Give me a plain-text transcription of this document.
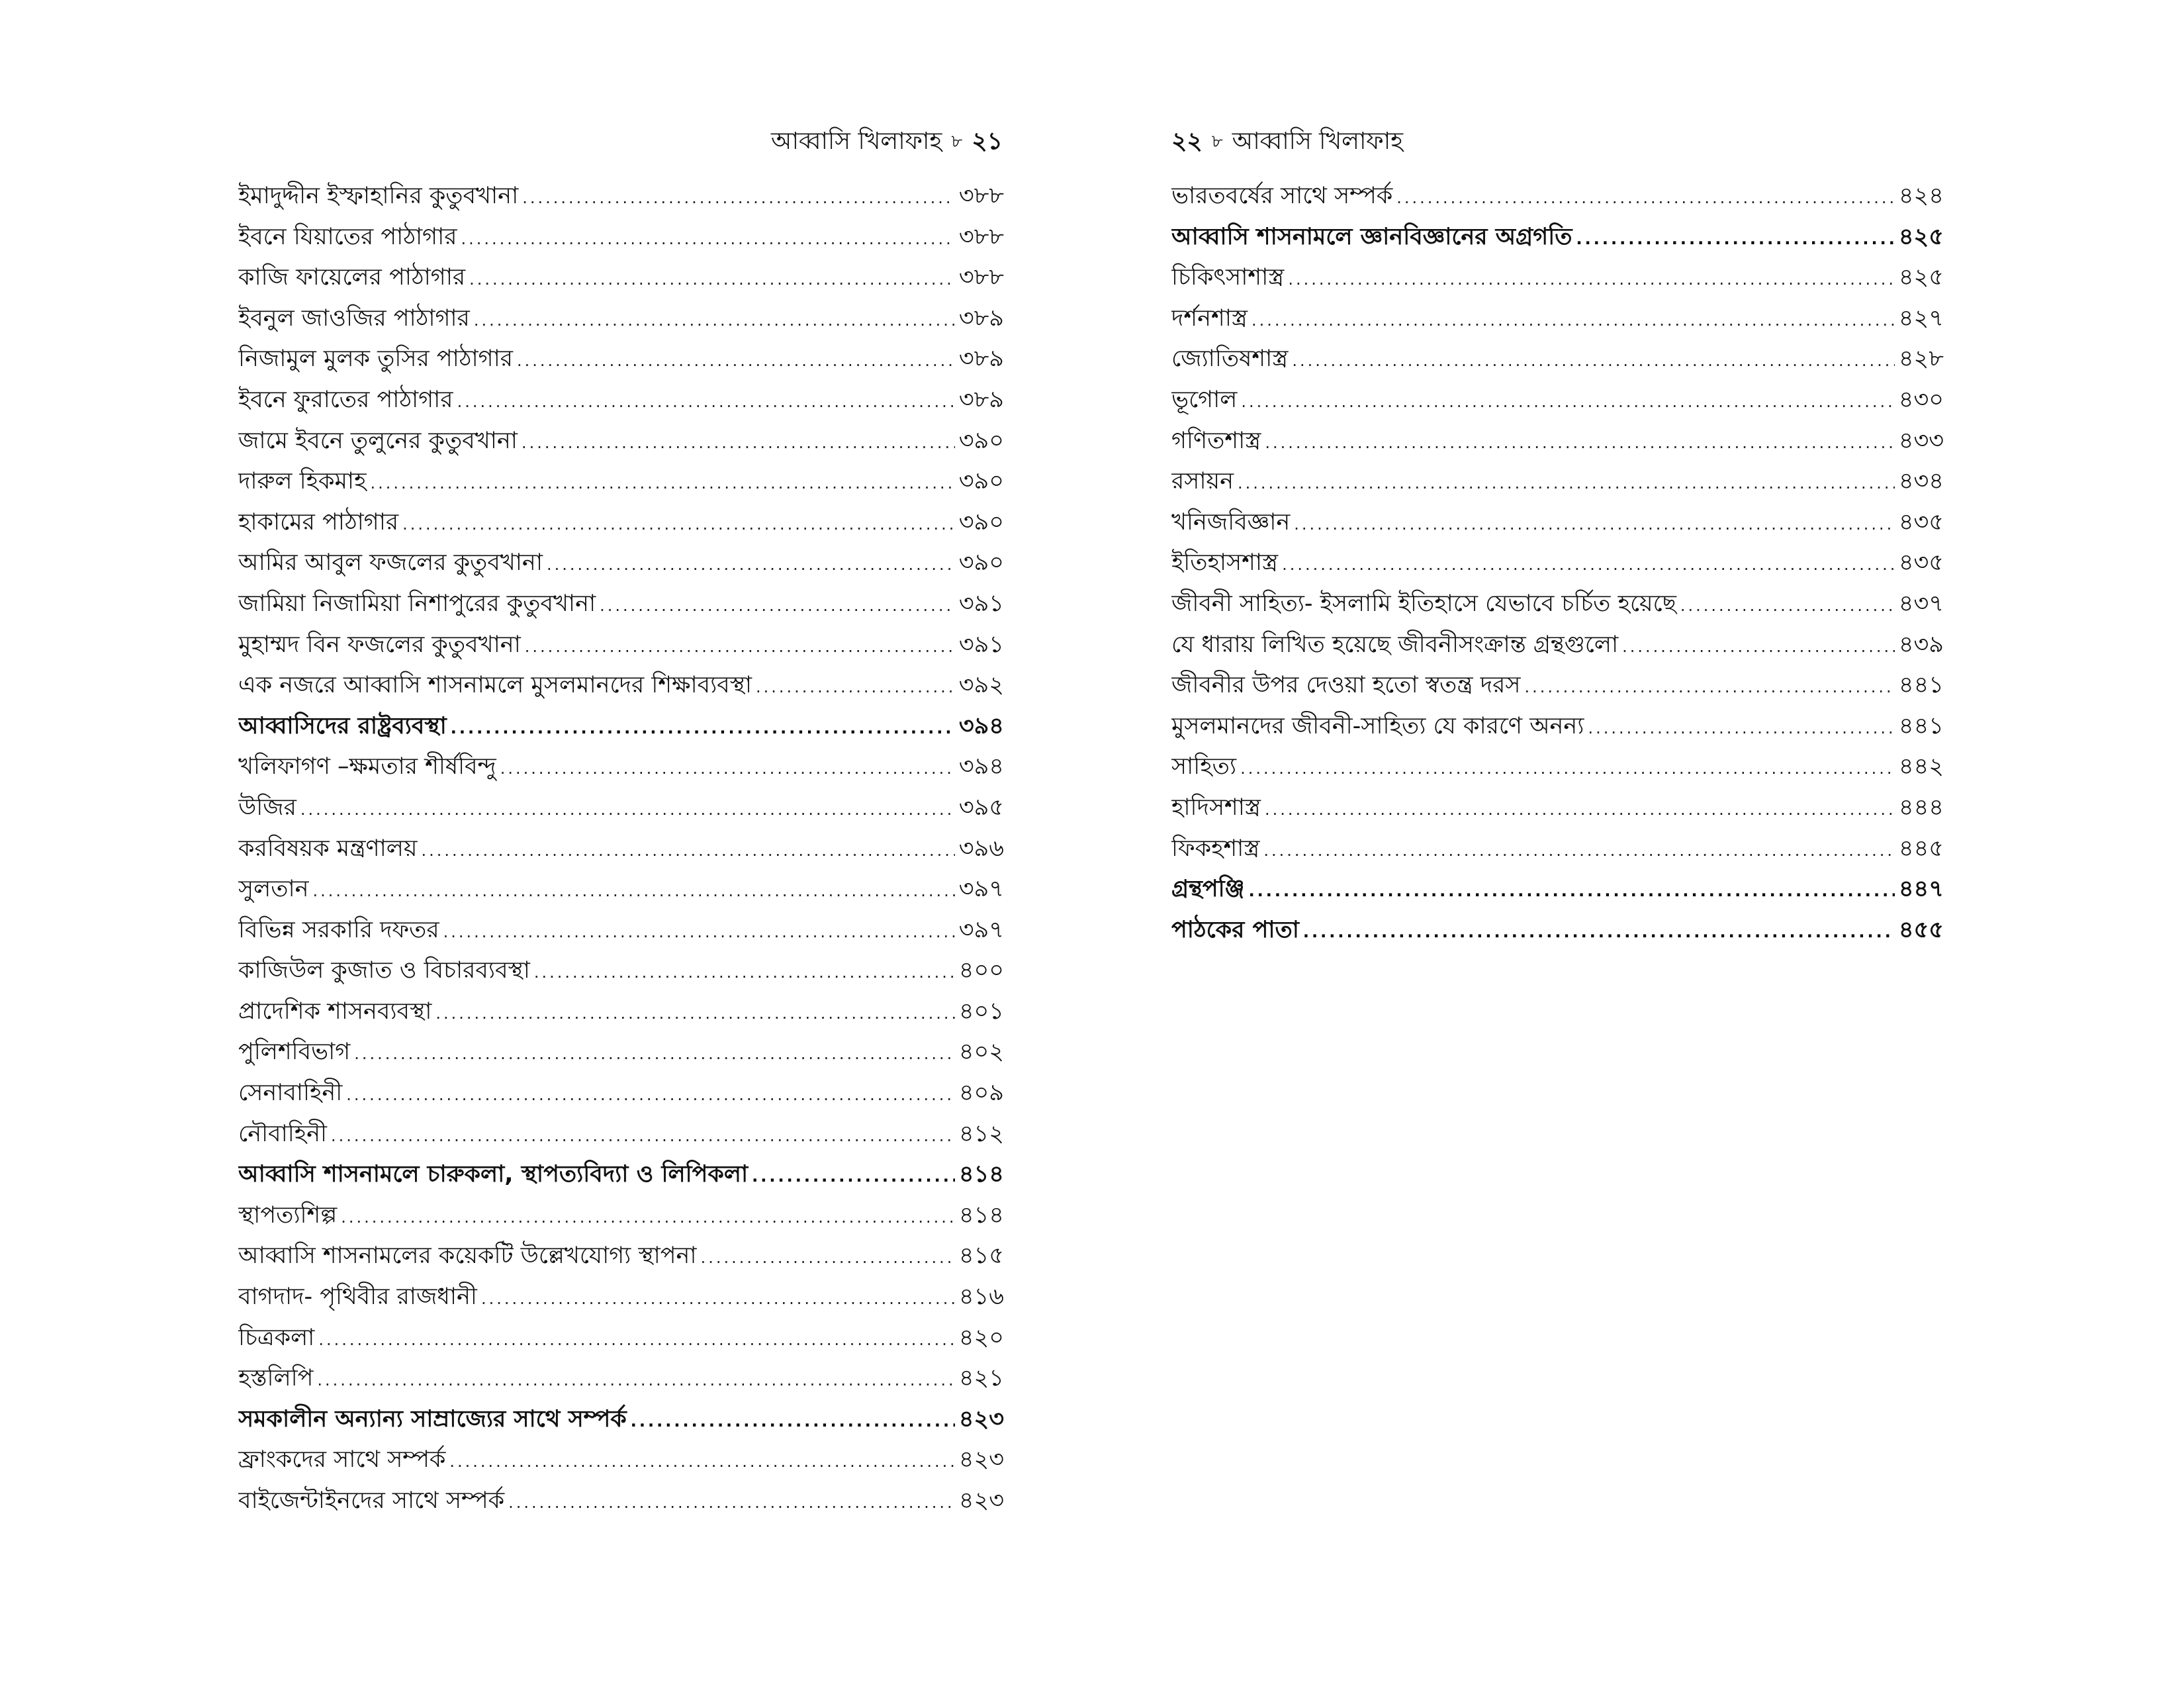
আব্বাসি খিলাফাহ ৮ ২১
ইমাদুদ্দীন ইস্ফাহানির কুতুবখানা .....	৩৮৮
ইবনে যিয়াতের পাঠাগার .....	৩৮৮
কাজি ফায়েলের পাঠাগার .....	৩৮৮
ইবনুল জাওজির পাঠাগার .....	৩৮৯
নিজামুল মুলক তুসির পাঠাগার .....	৩৮৯
ইবনে ফুরাতের পাঠাগার .....	৩৮৯
জামে ইবনে তুলুনের কুতুবখানা .....	৩৯০
দারুল হিকমাহ .....	৩৯০
হাকামের পাঠাগার .....	৩৯০
আমির আবুল ফজলের কুতুবখানা .....	৩৯০
জামিয়া নিজামিয়া নিশাপুরের কুতুবখানা .....	৩৯১
মুহাম্মদ বিন ফজলের কুতুবখানা .....	৩৯১
এক নজরে আব্বাসি শাসনামলে মুসলমানদের শিক্ষাব্যবস্থা .....	৩৯২
আব্বাসিদের রাষ্ট্রব্যবস্থা .....	৩৯৪
খলিফাগণ –ক্ষমতার শীর্ষবিন্দু .....	৩৯৪
উজির .....	৩৯৫
করবিষয়ক মন্ত্রণালয় .....	৩৯৬
সুলতান .....	৩৯৭
বিভিন্ন সরকারি দফতর .....	৩৯৭
কাজিউল কুজাত ও বিচারব্যবস্থা .....	৪০০
প্রাদেশিক শাসনব্যবস্থা .....	৪০১
পুলিশবিভাগ .....	৪০২
সেনাবাহিনী .....	৪০৯
নৌবাহিনী .....	৪১২
আব্বাসি শাসনামলে চারুকলা, স্থাপত্যবিদ্যা ও লিপিকলা .....	৪১৪
স্থাপত্যশিল্প .....	৪১৪
আব্বাসি শাসনামলের কয়েকটি উল্লেখযোগ্য স্থাপনা .....	৪১৫
বাগদাদ- পৃথিবীর রাজধানী .....	৪১৬
চিত্রকলা .....	৪২০
হস্তলিপি .....	৪২১
সমকালীন অন্যান্য সাম্রাজ্যের সাথে সম্পর্ক .....	৪২৩
ফ্রাংকদের সাথে সম্পর্ক .....	৪২৩
বাইজেন্টাইনদের সাথে সম্পর্ক .....	৪২৩
২২ ৮ আব্বাসি খিলাফাহ
ভারতবর্ষের সাথে সম্পর্ক .....	৪২৪
আব্বাসি শাসনামলে জ্ঞানবিজ্ঞানের অগ্রগতি .....	৪২৫
চিকিৎসাশাস্ত্র .....	৪২৫
দর্শনশাস্ত্র .....	৪২৭
জ্যোতিষশাস্ত্র .....	৪২৮
ভূগোল .....	৪৩০
গণিতশাস্ত্র .....	৪৩৩
রসায়ন .....	৪৩৪
খনিজবিজ্ঞান .....	৪৩৫
ইতিহাসশাস্ত্র .....	৪৩৫
জীবনী সাহিত্য- ইসলামি ইতিহাসে যেভাবে চর্চিত হয়েছে .....	৪৩৭
যে ধারায় লিখিত হয়েছে জীবনীসংক্রান্ত গ্রন্থগুলো .....	৪৩৯
জীবনীর উপর দেওয়া হতো স্বতন্ত্র দরস .....	৪৪১
মুসলমানদের জীবনী-সাহিত্য যে কারণে অনন্য .....	৪৪১
সাহিত্য .....	৪৪২
হাদিসশাস্ত্র .....	৪৪৪
ফিকহশাস্ত্র .....	৪৪৫
গ্রন্থপঞ্জি .....	৪৪৭
পাঠকের পাতা .....	৪৫৫
